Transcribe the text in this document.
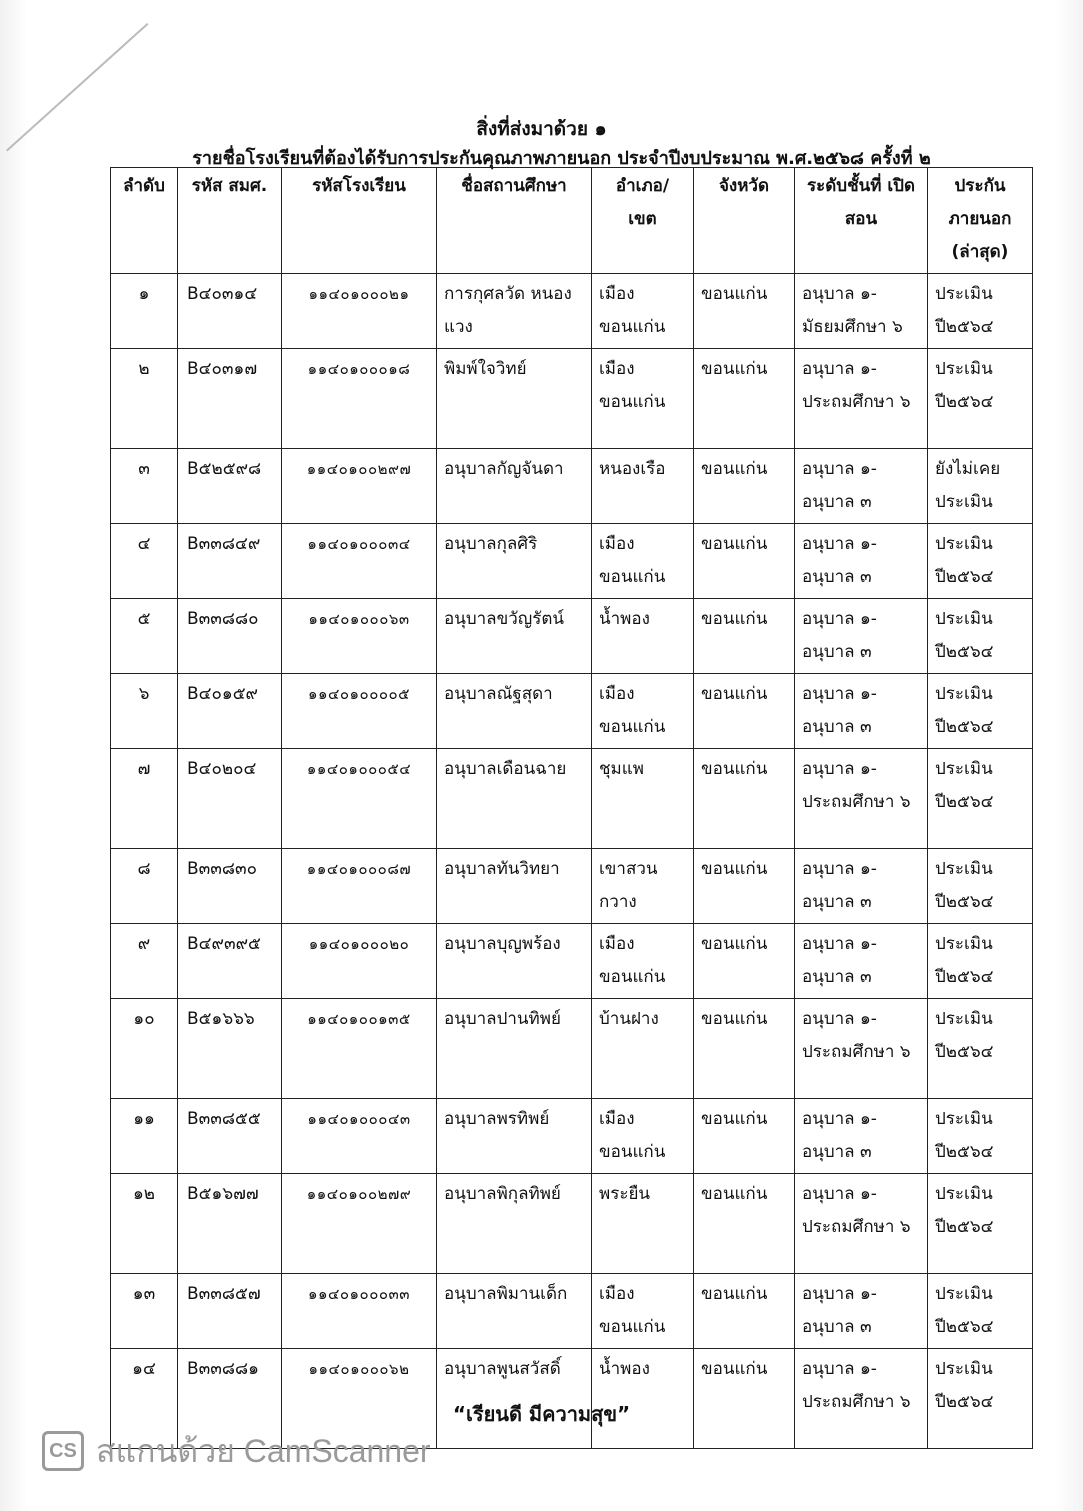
สิ่งที่ส่งมาด้วย ๑
รายชื่อโรงเรียนที่ต้องได้รับการประกันคุณภาพภายนอก ประจำปีงบประมาณ พ.ศ.๒๕๖๘ ครั้งที่ ๒
ลำดับ	รหัส สมศ.	รหัสโรงเรียน	ชื่อสถานศึกษา	อำเภอ/ เขต	จังหวัด	ระดับชั้นที่ เปิดสอน	ประกัน ภายนอก (ล่าสุด)
๑	B๔๐๓๑๔	๑๑๔๐๑๐๐๐๒๑	การกุศลวัด หนองแวง	เมือง ขอนแก่น	ขอนแก่น	อนุบาล ๑- มัธยมศึกษา ๖	ประเมิน ปี๒๕๖๔
๒	B๔๐๓๑๗	๑๑๔๐๑๐๐๐๑๘	พิมพ์ใจวิทย์	เมือง ขอนแก่น	ขอนแก่น	อนุบาล ๑- ประถมศึกษา ๖	ประเมิน ปี๒๕๖๔
๓	B๕๒๕๙๘	๑๑๔๐๑๐๐๒๙๗	อนุบาลกัญจันดา	หนองเรือ	ขอนแก่น	อนุบาล ๑- อนุบาล ๓	ยังไม่เคย ประเมิน
๔	B๓๓๘๔๙	๑๑๔๐๑๐๐๐๓๔	อนุบาลกุลศิริ	เมือง ขอนแก่น	ขอนแก่น	อนุบาล ๑- อนุบาล ๓	ประเมิน ปี๒๕๖๔
๕	B๓๓๘๘๐	๑๑๔๐๑๐๐๐๖๓	อนุบาลขวัญรัตน์	น้ำพอง	ขอนแก่น	อนุบาล ๑- อนุบาล ๓	ประเมิน ปี๒๕๖๔
๖	B๔๐๑๕๙	๑๑๔๐๑๐๐๐๐๕	อนุบาลณัฐสุดา	เมือง ขอนแก่น	ขอนแก่น	อนุบาล ๑- อนุบาล ๓	ประเมิน ปี๒๕๖๔
๗	B๔๐๒๐๔	๑๑๔๐๑๐๐๐๕๔	อนุบาลเดือนฉาย	ชุมแพ	ขอนแก่น	อนุบาล ๑- ประถมศึกษา ๖	ประเมิน ปี๒๕๖๔
๘	B๓๓๘๓๐	๑๑๔๐๑๐๐๐๘๗	อนุบาลทันวิทยา	เขาสวน กวาง	ขอนแก่น	อนุบาล ๑- อนุบาล ๓	ประเมิน ปี๒๕๖๔
๙	B๔๙๓๙๕	๑๑๔๐๑๐๐๐๒๐	อนุบาลบุญพร้อง	เมือง ขอนแก่น	ขอนแก่น	อนุบาล ๑- อนุบาล ๓	ประเมิน ปี๒๕๖๔
๑๐	B๕๑๖๖๖	๑๑๔๐๑๐๐๑๓๕	อนุบาลปานทิพย์	บ้านฝาง	ขอนแก่น	อนุบาล ๑- ประถมศึกษา ๖	ประเมิน ปี๒๕๖๔
๑๑	B๓๓๘๕๕	๑๑๔๐๑๐๐๐๔๓	อนุบาลพรทิพย์	เมือง ขอนแก่น	ขอนแก่น	อนุบาล ๑- อนุบาล ๓	ประเมิน ปี๒๕๖๔
๑๒	B๕๑๖๗๗	๑๑๔๐๑๐๐๒๗๙	อนุบาลพิกุลทิพย์	พระยืน	ขอนแก่น	อนุบาล ๑- ประถมศึกษา ๖	ประเมิน ปี๒๕๖๔
๑๓	B๓๓๘๕๗	๑๑๔๐๑๐๐๐๓๓	อนุบาลพิมานเด็ก	เมือง ขอนแก่น	ขอนแก่น	อนุบาล ๑- อนุบาล ๓	ประเมิน ปี๒๕๖๔
๑๔	B๓๓๘๘๑	๑๑๔๐๑๐๐๐๖๒	อนุบาลพูนสวัสดิ์	น้ำพอง	ขอนแก่น	อนุบาล ๑- ประถมศึกษา ๖	ประเมิน ปี๒๕๖๔
“เรียนดี มีความสุข”
CS สแกนด้วย CamScanner
